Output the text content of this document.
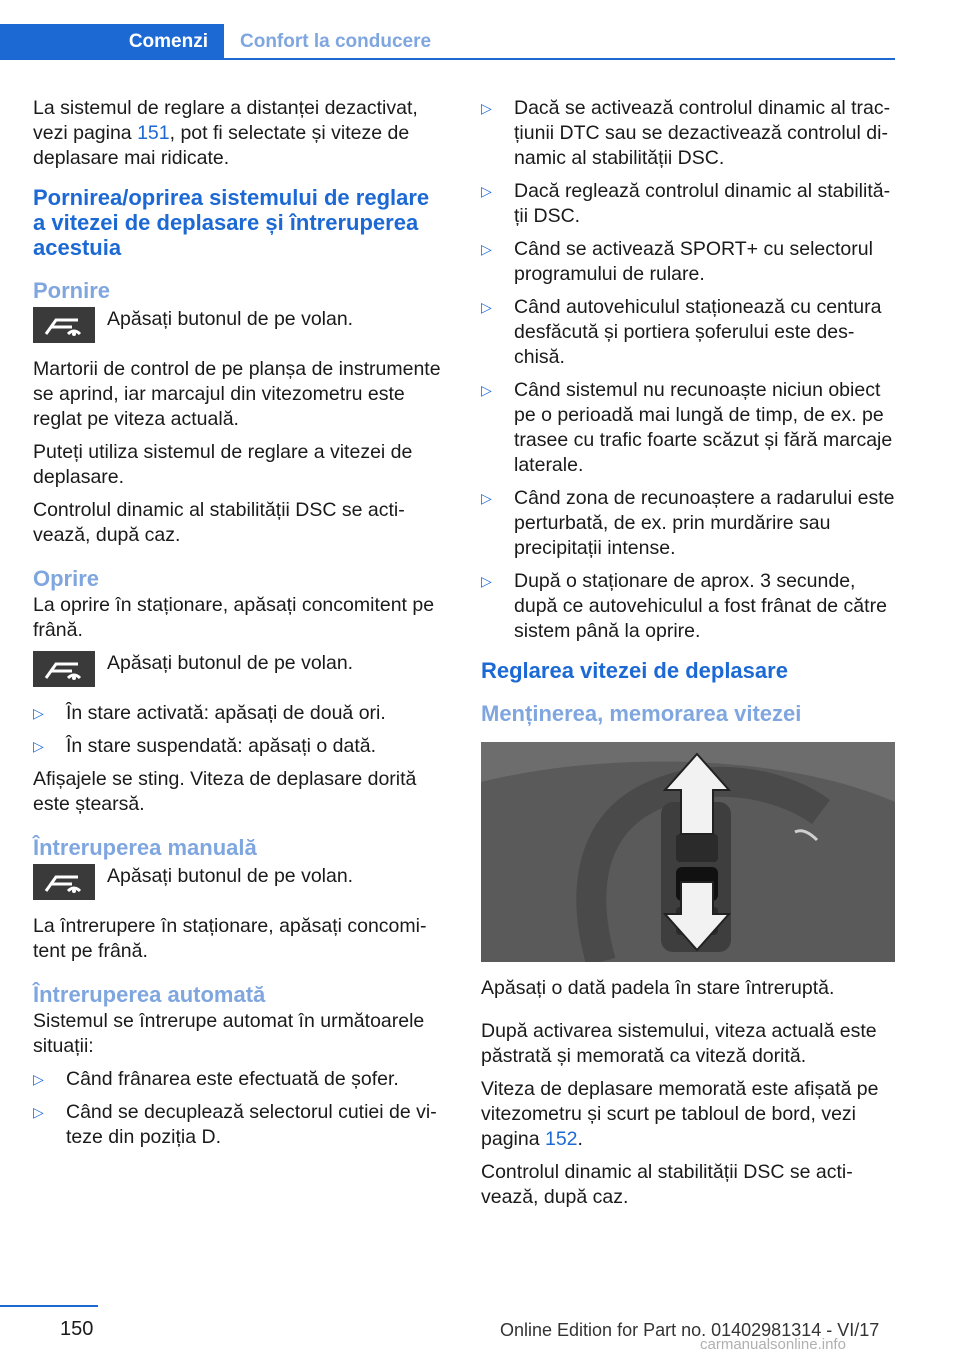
Comenzi	Confort la conducere

La sistemul de reglare a distanței dezactivat, vezi pagina 151, pot fi selectate și viteze de deplasare mai ridicate.

Pornirea/oprirea sistemului de reglare a vitezei de deplasare și întreruperea acestuia
Pornire

Apăsați butonul de pe volan.

Martorii de control de pe planșa de instrumente se aprind, iar marcajul din vitezometru este reglat pe viteza actuală.

Puteți utiliza sistemul de reglare a vitezei de deplasare.

Controlul dinamic al stabilității DSC se activează, după caz.

Oprire

La oprire în staționare, apăsați concomitent pe frână.

Apăsați butonul de pe volan.

▷ În stare activată: apăsați de două ori.
▷ În stare suspendată: apăsați o dată.

Afișajele se sting. Viteza de deplasare dorită este ștearsă.

Întreruperea manuală

Apăsați butonul de pe volan.

La întrerupere în staționare, apăsați concomitent pe frână.

Întreruperea automată

Sistemul se întrerupe automat în următoarele situații:

▷ Când frânarea este efectuată de șofer.
▷ Când se decuplează selectorul cutiei de viteze din poziția D.
▷ Dacă se activează controlul dinamic al tracțiunii DTC sau se dezactivează controlul dinamic al stabilității DSC.
▷ Dacă reglează controlul dinamic al stabilității DSC.
▷ Când se activează SPORT+ cu selectorul programului de rulare.
▷ Când autovehiculul staționează cu centura desfăcută și portiera șoferului este deschisă.
▷ Când sistemul nu recunoaște niciun obiect pe o perioadă mai lungă de timp, de ex. pe trasee cu trafic foarte scăzut și fără marcaje laterale.
▷ Când zona de recunoaștere a radarului este perturbată, de ex. prin murdărire sau precipitații intense.
▷ După o staționare de aprox. 3 secunde, după ce autovehiculul a fost frânat de către sistem până la oprire.
Reglarea vitezei de deplasare
Menținerea, memorarea vitezei

Apăsați o dată padela în stare întreruptă.

După activarea sistemului, viteza actuală este păstrată și memorată ca viteză dorită.

Viteza de deplasare memorată este afișată pe vitezometru și scurt pe tabloul de bord, vezi pagina 152.

Controlul dinamic al stabilității DSC se activează, după caz.

150	Online Edition for Part no. 01402981314 - VI/17
carmanualsonline.info
